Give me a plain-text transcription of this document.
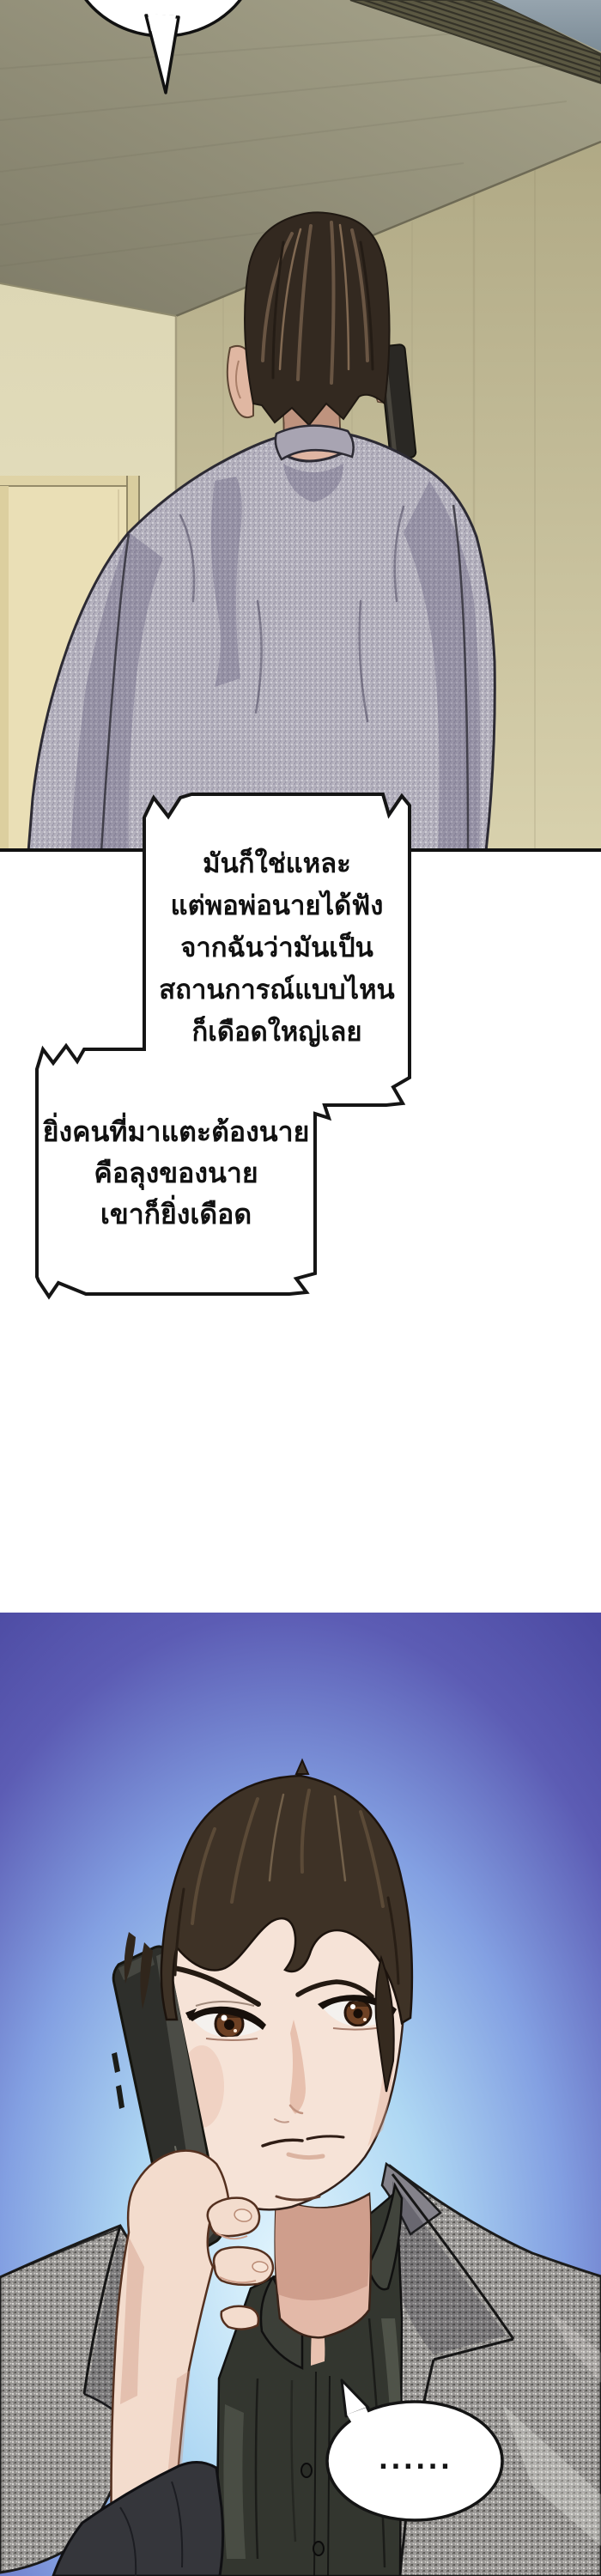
มันก็ใช่แหละ
แต่พอพ่อนายได้ฟัง
จากฉันว่ามันเป็น
สถานการณ์แบบไหน
ก็เดือดใหญ่เลย
ยิ่งคนที่มาแตะต้องนาย
คือลุงของนาย
เขาก็ยิ่งเดือด
......
